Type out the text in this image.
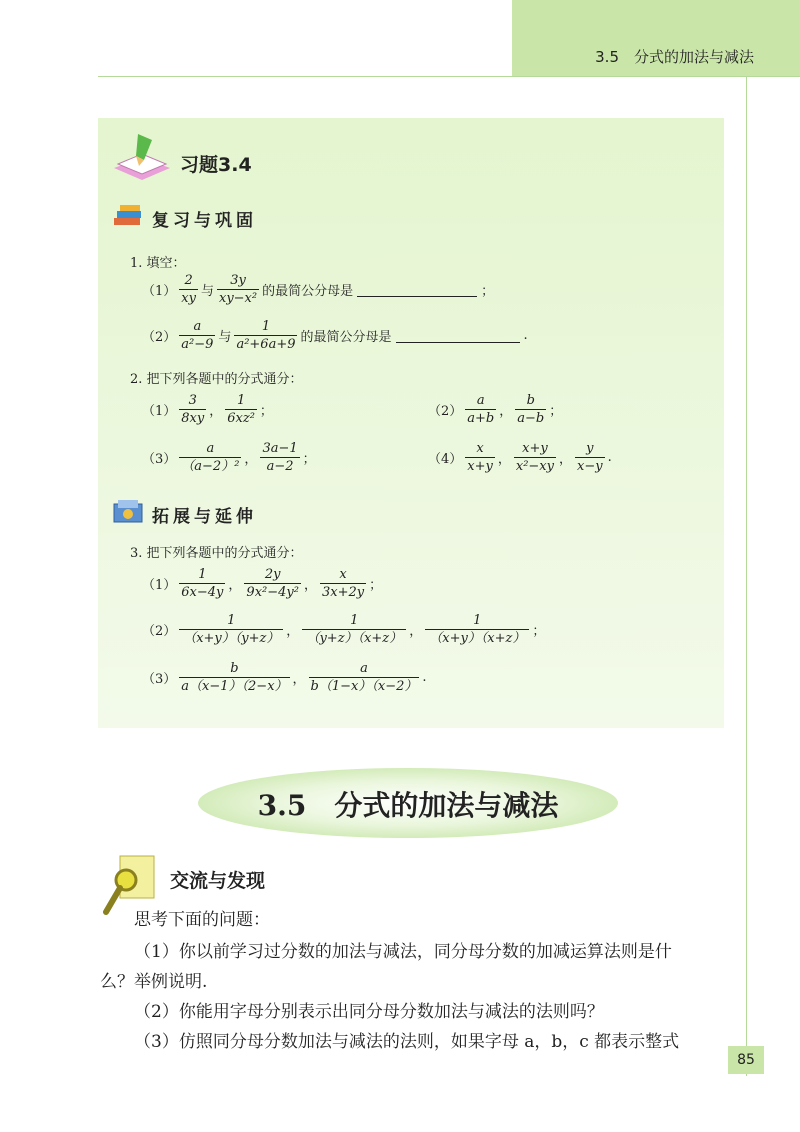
3.5　分式的加法与减法
习题3.4
复习与巩固
1. 填空：
$(1) \frac{2}{xy}$ 与 $\frac{3y}{\text{xy−x²}}$ 的最简公分母是	；
$(2) \frac{a}{\text{a²−9}}$ 与 $\frac{1}{\text{a²+6a+9}}$ 的最简公分母是	.
2. 把下列各题中的分式通分：
$(1) \frac{3}{8xy}$ ， $\frac{1}{\text{6xz²}}$ ；	$(2) \frac{a}{a+b}$ ， $\frac{b}{a-b}$ ；
$(3) \frac{a}{\text{（a−2）²}}$ ， $\frac{3a-1}{a-2}$ ；	$(4) \frac{x}{x+y}$ ， $\frac{x+y}{\text{x²−xy}}$ ， $\frac{y}{x-y}$ .
拓展与延伸
3. 把下列各题中的分式通分：
$(1) \frac{1}{6x-4y}$ ， $\frac{2y}{\text{9x²−4y²}}$ ， $\frac{x}{3x+2y}$ ；
$(2) \frac{1}{(x+y)(y+z)}$ ， $\frac{1}{(y+z)(x+z)}$ ， $\frac{1}{(x+y)(x+z)}$ ；
$(3) \frac{b}{a(x-1)(2-x)}$ ， $\frac{a}{b(1-x)(x-2)}$ .
3.5　分式的加法与减法
交流与发现
思考下面的问题：
（1）你以前学习过分数的加法与减法，同分母分数的加减运算法则是什
么？举例说明.
（2）你能用字母分别表示出同分母分数加法与减法的法则吗？
（3）仿照同分母分数加法与减法的法则，如果字母 a，b，c 都表示整式
85
